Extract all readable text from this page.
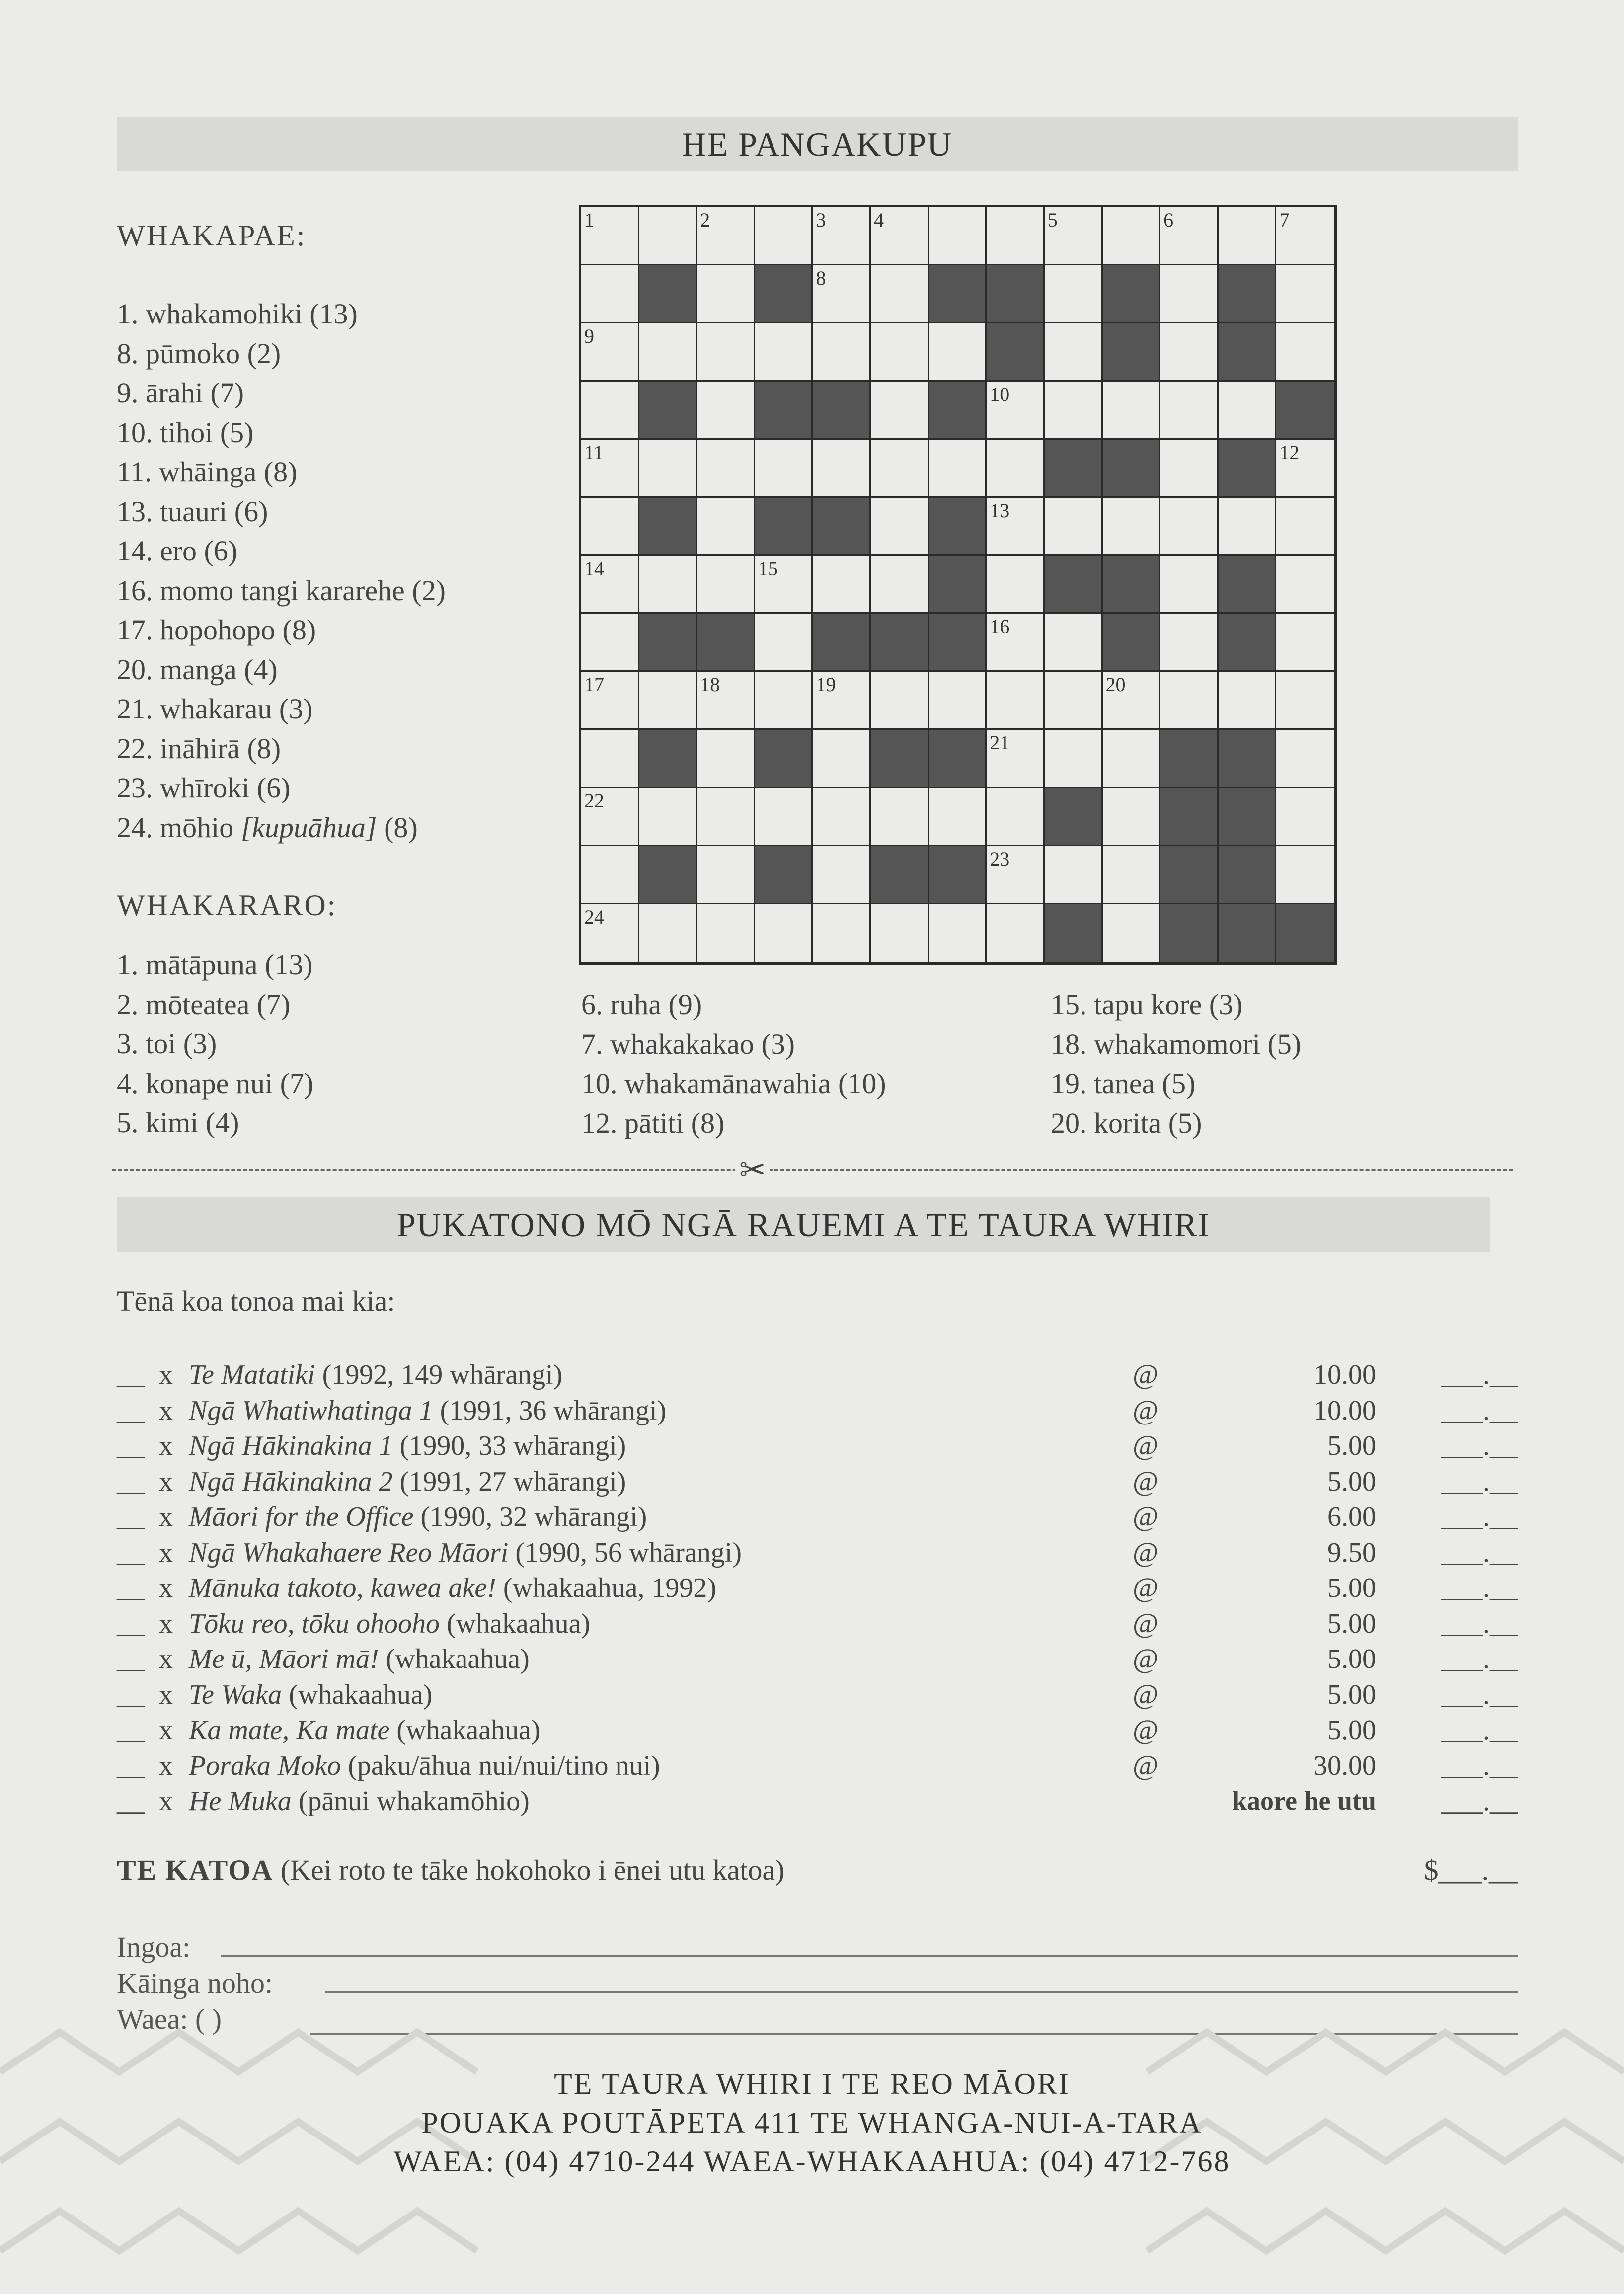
HE PANGAKUPU
WHAKAPAE:
1. whakamohiki (13)
8. pūmoko (2)
9. ārahi (7)
10. tihoi (5)
11. whāinga (8)
13. tuauri (6)
14. ero (6)
16. momo tangi kararehe (2)
17. hopohopo (8)
20. manga (4)
21. whakarau (3)
22. ināhirā (8)
23. whīroki (6)
24. mōhio [kupuāhua] (8)
1	2	3 4	5	6	7
8
9
10
11	12
13
14	15
16
17	18	19	20
21
22
23
24
WHAKARARO:
1. mātāpuna (13)
2. mōteatea (7)
3. toi (3)
4. konape nui (7)
5. kimi (4)
6. ruha (9)
7. whakakakao (3)
10. whakamānawahia (10)
12. pātiti (8)
15. tapu kore (3)
18. whakamomori (5)
19. tanea (5)
20. korita (5)
✂
PUKATONO MŌ NGĀ RAUEMI A TE TAURA WHIRI
Tēnā koa tonoa mai kia:
__ x Te Matatiki (1992, 149 whārangi)	@	10.00	___.__
__ x Ngā Whatiwhatinga 1 (1991, 36 whārangi)	@	10.00	___.__
__ x Ngā Hākinakina 1 (1990, 33 whārangi)	@	5.00	___.__
__ x Ngā Hākinakina 2 (1991, 27 whārangi)	@	5.00	___.__
__ x Māori for the Office (1990, 32 whārangi)	@	6.00	___.__
__ x Ngā Whakahaere Reo Māori (1990, 56 whārangi)	@	9.50	___.__
__ x Mānuka takoto, kawea ake! (whakaahua, 1992)	@	5.00	___.__
__ x Tōku reo, tōku ohooho (whakaahua)	@	5.00	___.__
__ x Me ū, Māori mā! (whakaahua)	@	5.00	___.__
__ x Te Waka (whakaahua)	@	5.00	___.__
__ x Ka mate, Ka mate (whakaahua)	@	5.00	___.__
__ x Poraka Moko (paku/āhua nui/nui/tino nui)	@	30.00	___.__
__ x He Muka (pānui whakamōhio)	kaore he utu	___.__
TE KATOA (Kei roto te tāke hokohoko i ēnei utu katoa)	$___.__
Ingoa:
Kāinga noho:
Waea: ( )
TE TAURA WHIRI I TE REO MĀORI
POUAKA POUTĀPETA 411 TE WHANGA-NUI-A-TARA
WAEA: (04) 4710-244 WAEA-WHAKAAHUA: (04) 4712-768
